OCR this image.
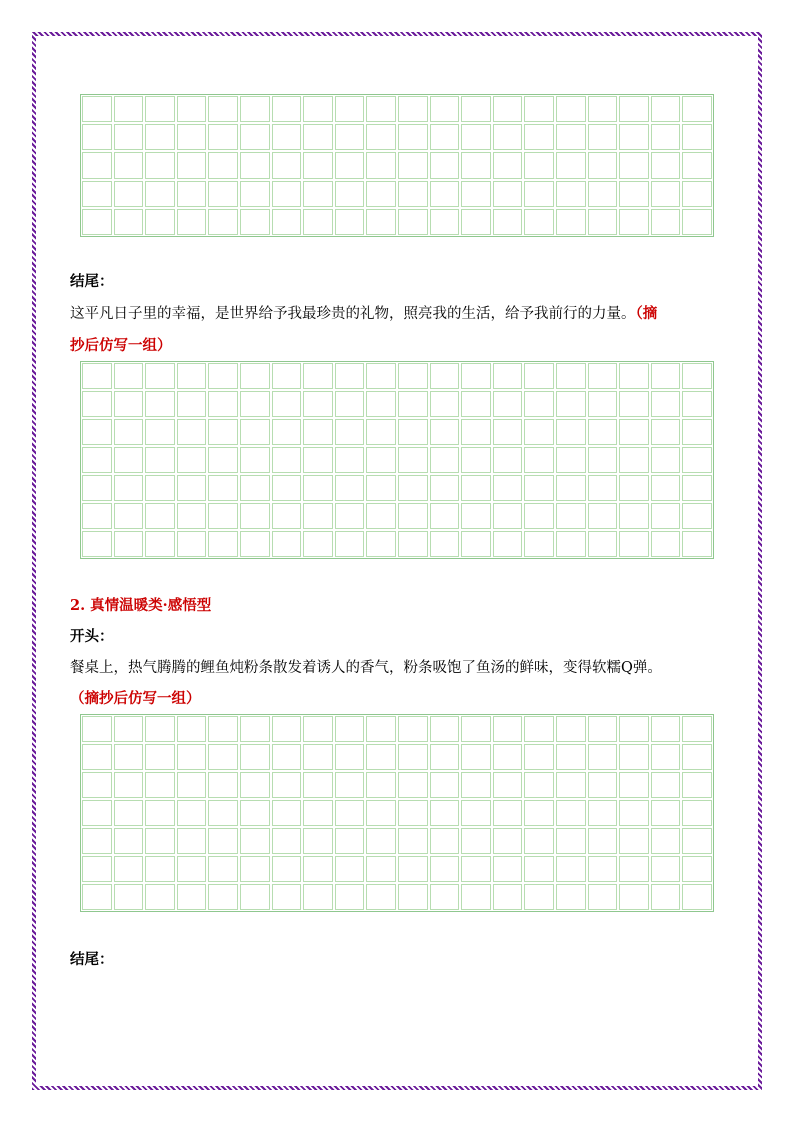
结尾：
这平凡日子里的幸福，是世界给予我最珍贵的礼物，照亮我的生活，给予我前行的力量。（摘
抄后仿写一组）
2. 真情温暖类·感悟型
开头：
餐桌上，热气腾腾的鲤鱼炖粉条散发着诱人的香气，粉条吸饱了鱼汤的鲜味，变得软糯Q弹。
（摘抄后仿写一组）
结尾：
